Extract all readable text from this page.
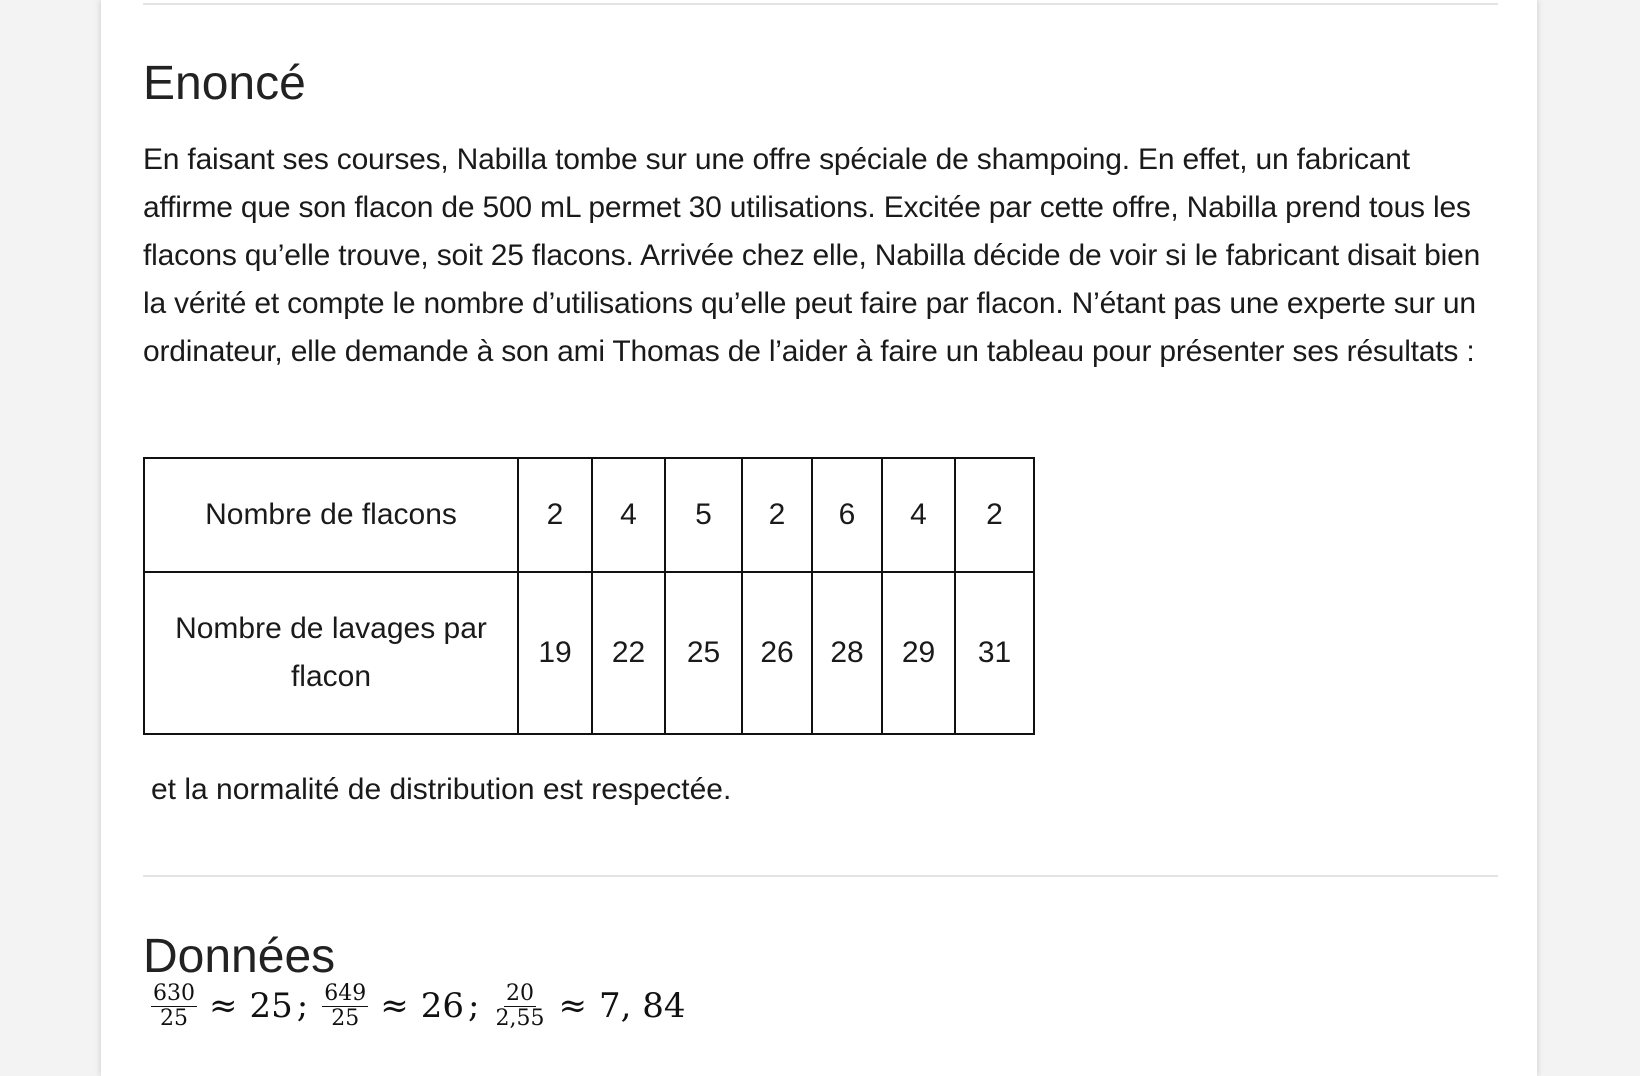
Enoncé

En faisant ses courses, Nabilla tombe sur une offre spéciale de shampoing. En effet, un fabricant affirme que son flacon de 500 mL permet 30 utilisations. Excitée par cette offre, Nabilla prend tous les flacons qu’elle trouve, soit 25 flacons. Arrivée chez elle, Nabilla décide de voir si le fabricant disait bien la vérité et compte le nombre d’utilisations qu’elle peut faire par flacon. N’étant pas une experte sur un ordinateur, elle demande à son ami Thomas de l’aider à faire un tableau pour présenter ses résultats :

Nombre de flacons	2	4	5	2	6	4	2
Nombre de lavages par flacon	19	22	25	26	28	29	31

et la normalité de distribution est respectée.

Données
$\frac{630}{25} \approx 25$ ; $\frac{649}{25} \approx 26$ ; $\frac{20}{2,55} \approx 7$, 84
